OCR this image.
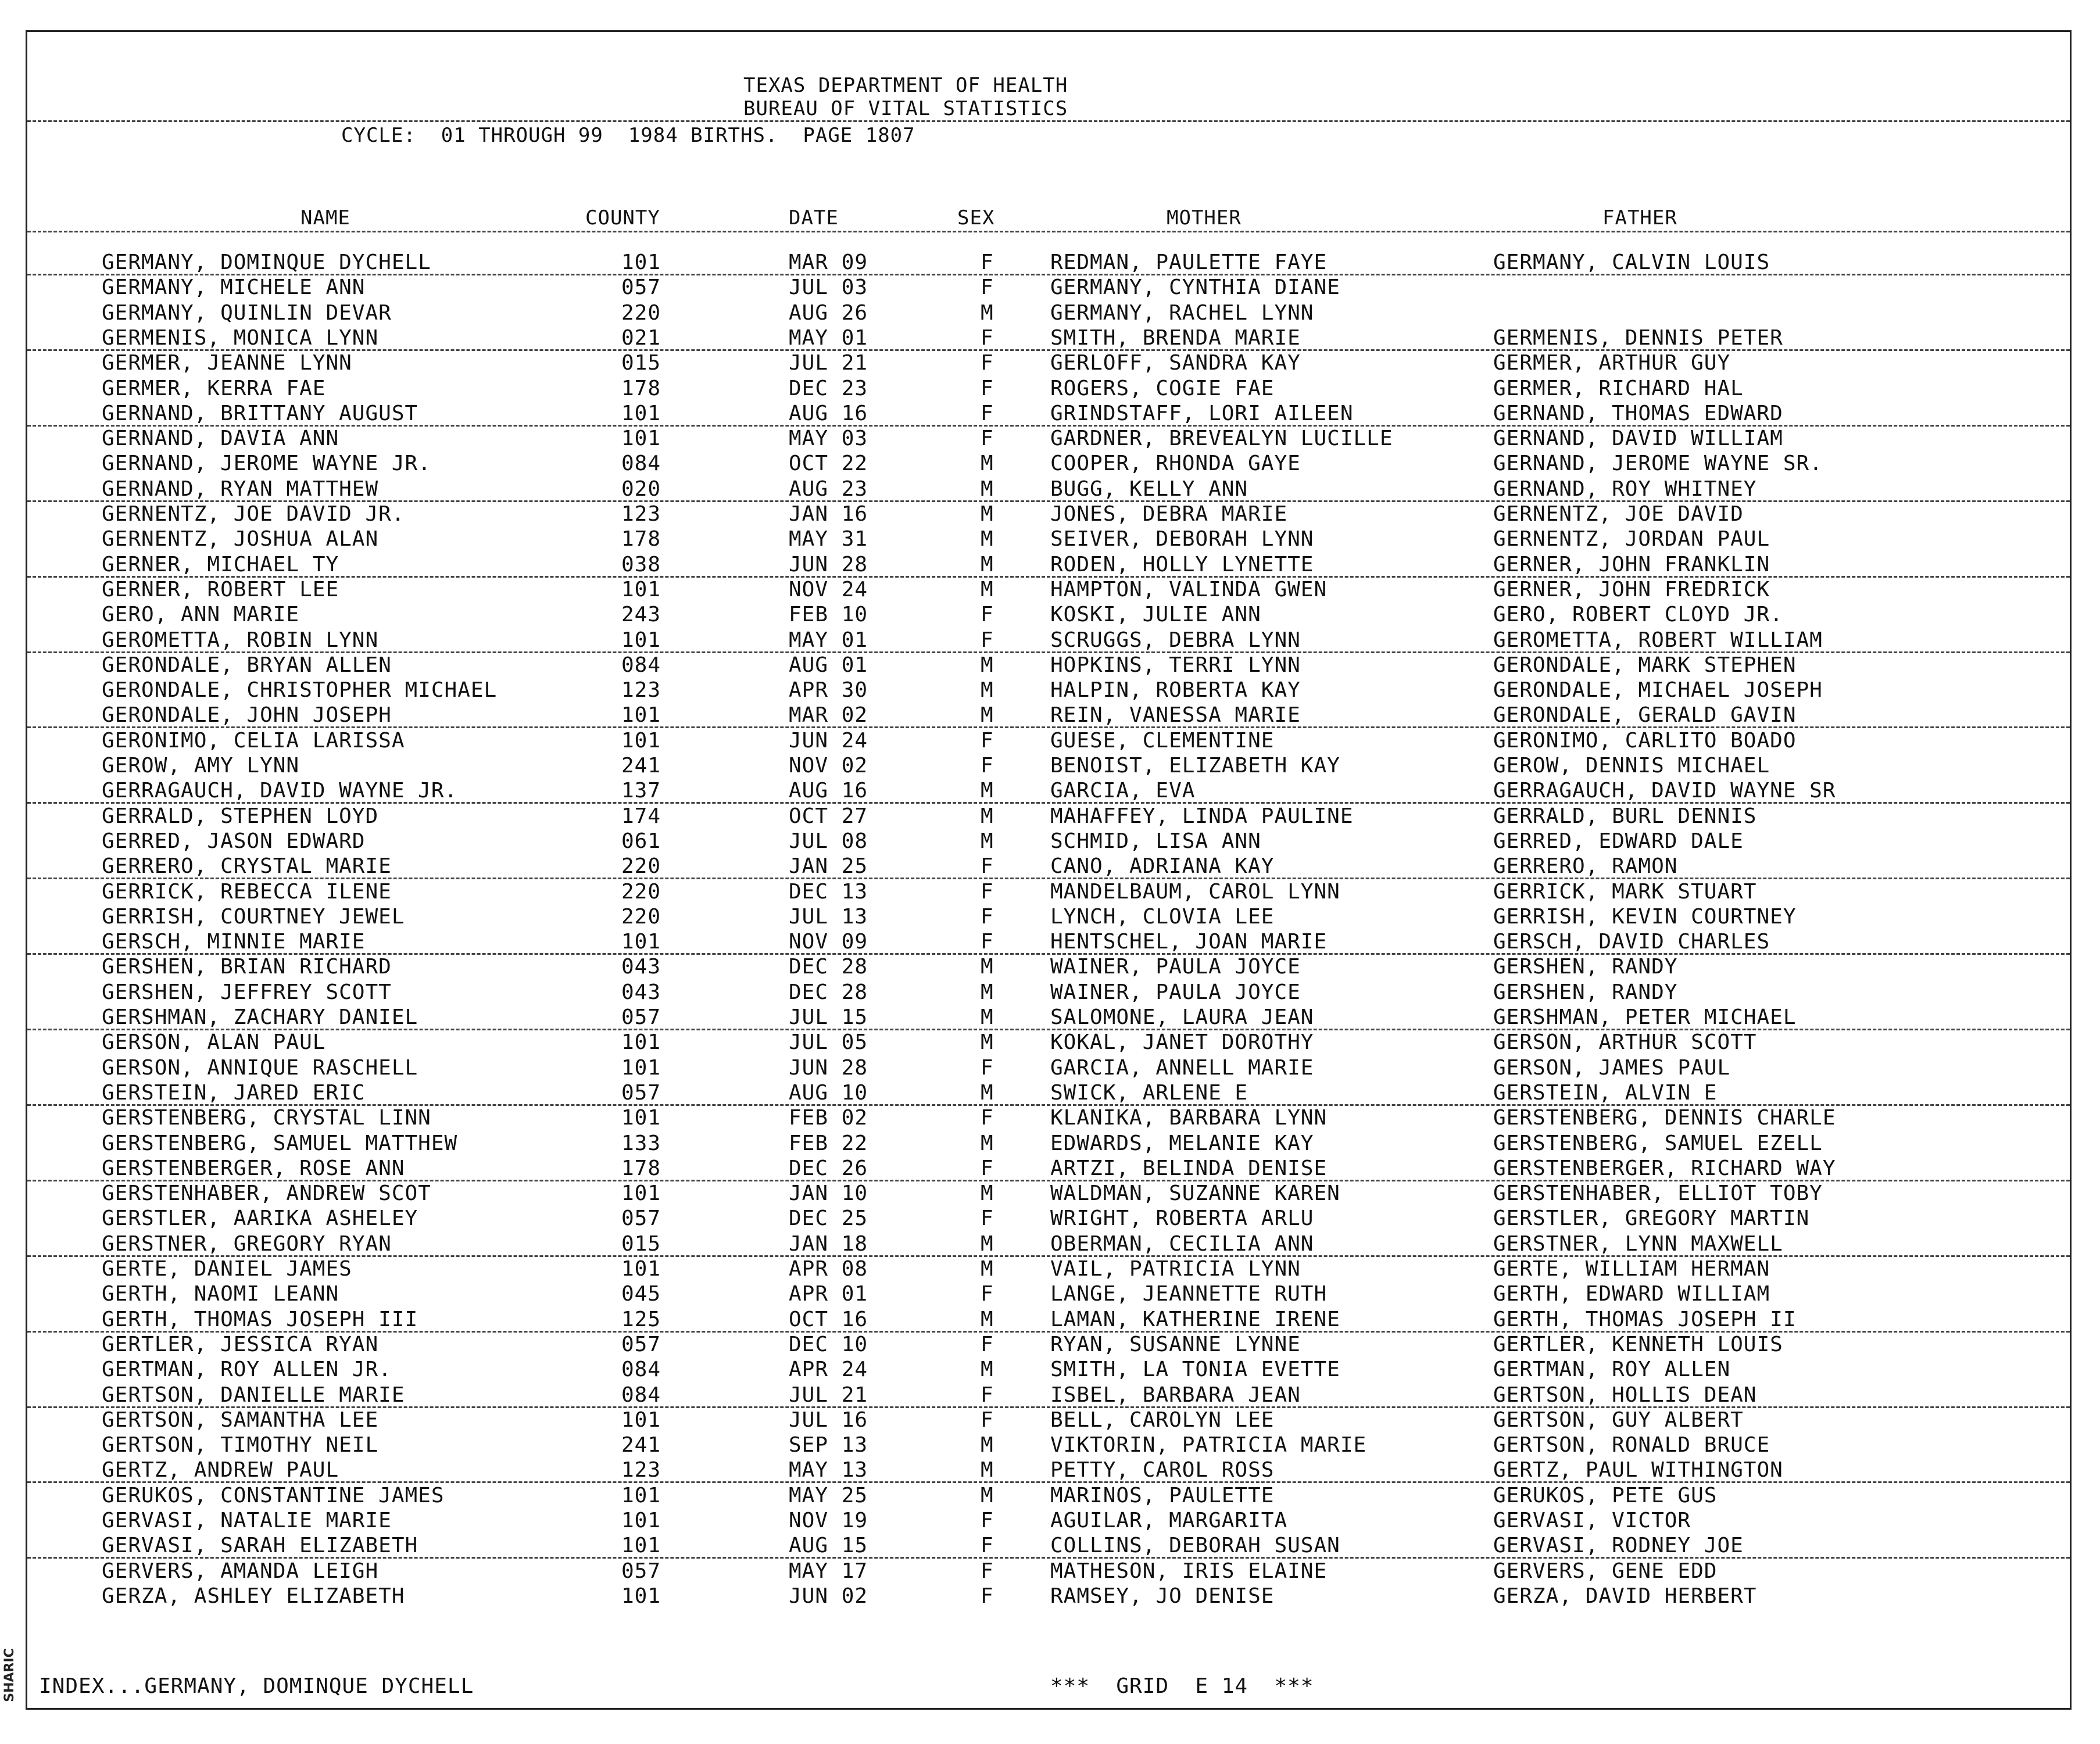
SHARIC
TEXAS DEPARTMENT OF HEALTH
BUREAU OF VITAL STATISTICS
CYCLE:  01 THROUGH 99  1984 BIRTHS.  PAGE 1807
NAME	COUNTY	DATE	SEX	MOTHER	FATHER
GERMANY, DOMINQUE DYCHELL	101	MAR 09	F	REDMAN, PAULETTE FAYE	GERMANY, CALVIN LOUIS
GERMANY, MICHELE ANN	057	JUL 03	F	GERMANY, CYNTHIA DIANE
GERMANY, QUINLIN DEVAR	220	AUG 26	M	GERMANY, RACHEL LYNN
GERMENIS, MONICA LYNN	021	MAY 01	F	SMITH, BRENDA MARIE	GERMENIS, DENNIS PETER
GERMER, JEANNE LYNN	015	JUL 21	F	GERLOFF, SANDRA KAY	GERMER, ARTHUR GUY
GERMER, KERRA FAE	178	DEC 23	F	ROGERS, COGIE FAE	GERMER, RICHARD HAL
GERNAND, BRITTANY AUGUST	101	AUG 16	F	GRINDSTAFF, LORI AILEEN	GERNAND, THOMAS EDWARD
GERNAND, DAVIA ANN	101	MAY 03	F	GARDNER, BREVEALYN LUCILLE	GERNAND, DAVID WILLIAM
GERNAND, JEROME WAYNE JR.	084	OCT 22	M	COOPER, RHONDA GAYE	GERNAND, JEROME WAYNE SR.
GERNAND, RYAN MATTHEW	020	AUG 23	M	BUGG, KELLY ANN	GERNAND, ROY WHITNEY
GERNENTZ, JOE DAVID JR.	123	JAN 16	M	JONES, DEBRA MARIE	GERNENTZ, JOE DAVID
GERNENTZ, JOSHUA ALAN	178	MAY 31	M	SEIVER, DEBORAH LYNN	GERNENTZ, JORDAN PAUL
GERNER, MICHAEL TY	038	JUN 28	M	RODEN, HOLLY LYNETTE	GERNER, JOHN FRANKLIN
GERNER, ROBERT LEE	101	NOV 24	M	HAMPTON, VALINDA GWEN	GERNER, JOHN FREDRICK
GERO, ANN MARIE	243	FEB 10	F	KOSKI, JULIE ANN	GERO, ROBERT CLOYD JR.
GEROMETTA, ROBIN LYNN	101	MAY 01	F	SCRUGGS, DEBRA LYNN	GEROMETTA, ROBERT WILLIAM
GERONDALE, BRYAN ALLEN	084	AUG 01	M	HOPKINS, TERRI LYNN	GERONDALE, MARK STEPHEN
GERONDALE, CHRISTOPHER MICHAEL	123	APR 30	M	HALPIN, ROBERTA KAY	GERONDALE, MICHAEL JOSEPH
GERONDALE, JOHN JOSEPH	101	MAR 02	M	REIN, VANESSA MARIE	GERONDALE, GERALD GAVIN
GERONIMO, CELIA LARISSA	101	JUN 24	F	GUESE, CLEMENTINE	GERONIMO, CARLITO BOADO
GEROW, AMY LYNN	241	NOV 02	F	BENOIST, ELIZABETH KAY	GEROW, DENNIS MICHAEL
GERRAGAUCH, DAVID WAYNE JR.	137	AUG 16	M	GARCIA, EVA	GERRAGAUCH, DAVID WAYNE SR
GERRALD, STEPHEN LOYD	174	OCT 27	M	MAHAFFEY, LINDA PAULINE	GERRALD, BURL DENNIS
GERRED, JASON EDWARD	061	JUL 08	M	SCHMID, LISA ANN	GERRED, EDWARD DALE
GERRERO, CRYSTAL MARIE	220	JAN 25	F	CANO, ADRIANA KAY	GERRERO, RAMON
GERRICK, REBECCA ILENE	220	DEC 13	F	MANDELBAUM, CAROL LYNN	GERRICK, MARK STUART
GERRISH, COURTNEY JEWEL	220	JUL 13	F	LYNCH, CLOVIA LEE	GERRISH, KEVIN COURTNEY
GERSCH, MINNIE MARIE	101	NOV 09	F	HENTSCHEL, JOAN MARIE	GERSCH, DAVID CHARLES
GERSHEN, BRIAN RICHARD	043	DEC 28	M	WAINER, PAULA JOYCE	GERSHEN, RANDY
GERSHEN, JEFFREY SCOTT	043	DEC 28	M	WAINER, PAULA JOYCE	GERSHEN, RANDY
GERSHMAN, ZACHARY DANIEL	057	JUL 15	M	SALOMONE, LAURA JEAN	GERSHMAN, PETER MICHAEL
GERSON, ALAN PAUL	101	JUL 05	M	KOKAL, JANET DOROTHY	GERSON, ARTHUR SCOTT
GERSON, ANNIQUE RASCHELL	101	JUN 28	F	GARCIA, ANNELL MARIE	GERSON, JAMES PAUL
GERSTEIN, JARED ERIC	057	AUG 10	M	SWICK, ARLENE E	GERSTEIN, ALVIN E
GERSTENBERG, CRYSTAL LINN	101	FEB 02	F	KLANIKA, BARBARA LYNN	GERSTENBERG, DENNIS CHARLE
GERSTENBERG, SAMUEL MATTHEW	133	FEB 22	M	EDWARDS, MELANIE KAY	GERSTENBERG, SAMUEL EZELL
GERSTENBERGER, ROSE ANN	178	DEC 26	F	ARTZI, BELINDA DENISE	GERSTENBERGER, RICHARD WAY
GERSTENHABER, ANDREW SCOT	101	JAN 10	M	WALDMAN, SUZANNE KAREN	GERSTENHABER, ELLIOT TOBY
GERSTLER, AARIKA ASHELEY	057	DEC 25	F	WRIGHT, ROBERTA ARLU	GERSTLER, GREGORY MARTIN
GERSTNER, GREGORY RYAN	015	JAN 18	M	OBERMAN, CECILIA ANN	GERSTNER, LYNN MAXWELL
GERTE, DANIEL JAMES	101	APR 08	M	VAIL, PATRICIA LYNN	GERTE, WILLIAM HERMAN
GERTH, NAOMI LEANN	045	APR 01	F	LANGE, JEANNETTE RUTH	GERTH, EDWARD WILLIAM
GERTH, THOMAS JOSEPH III	125	OCT 16	M	LAMAN, KATHERINE IRENE	GERTH, THOMAS JOSEPH II
GERTLER, JESSICA RYAN	057	DEC 10	F	RYAN, SUSANNE LYNNE	GERTLER, KENNETH LOUIS
GERTMAN, ROY ALLEN JR.	084	APR 24	M	SMITH, LA TONIA EVETTE	GERTMAN, ROY ALLEN
GERTSON, DANIELLE MARIE	084	JUL 21	F	ISBEL, BARBARA JEAN	GERTSON, HOLLIS DEAN
GERTSON, SAMANTHA LEE	101	JUL 16	F	BELL, CAROLYN LEE	GERTSON, GUY ALBERT
GERTSON, TIMOTHY NEIL	241	SEP 13	M	VIKTORIN, PATRICIA MARIE	GERTSON, RONALD BRUCE
GERTZ, ANDREW PAUL	123	MAY 13	M	PETTY, CAROL ROSS	GERTZ, PAUL WITHINGTON
GERUKOS, CONSTANTINE JAMES	101	MAY 25	M	MARINOS, PAULETTE	GERUKOS, PETE GUS
GERVASI, NATALIE MARIE	101	NOV 19	F	AGUILAR, MARGARITA	GERVASI, VICTOR
GERVASI, SARAH ELIZABETH	101	AUG 15	F	COLLINS, DEBORAH SUSAN	GERVASI, RODNEY JOE
GERVERS, AMANDA LEIGH	057	MAY 17	F	MATHESON, IRIS ELAINE	GERVERS, GENE EDD
GERZA, ASHLEY ELIZABETH	101	JUN 02	F	RAMSEY, JO DENISE	GERZA, DAVID HERBERT
INDEX...GERMANY, DOMINQUE DYCHELL	***  GRID  E 14  ***
